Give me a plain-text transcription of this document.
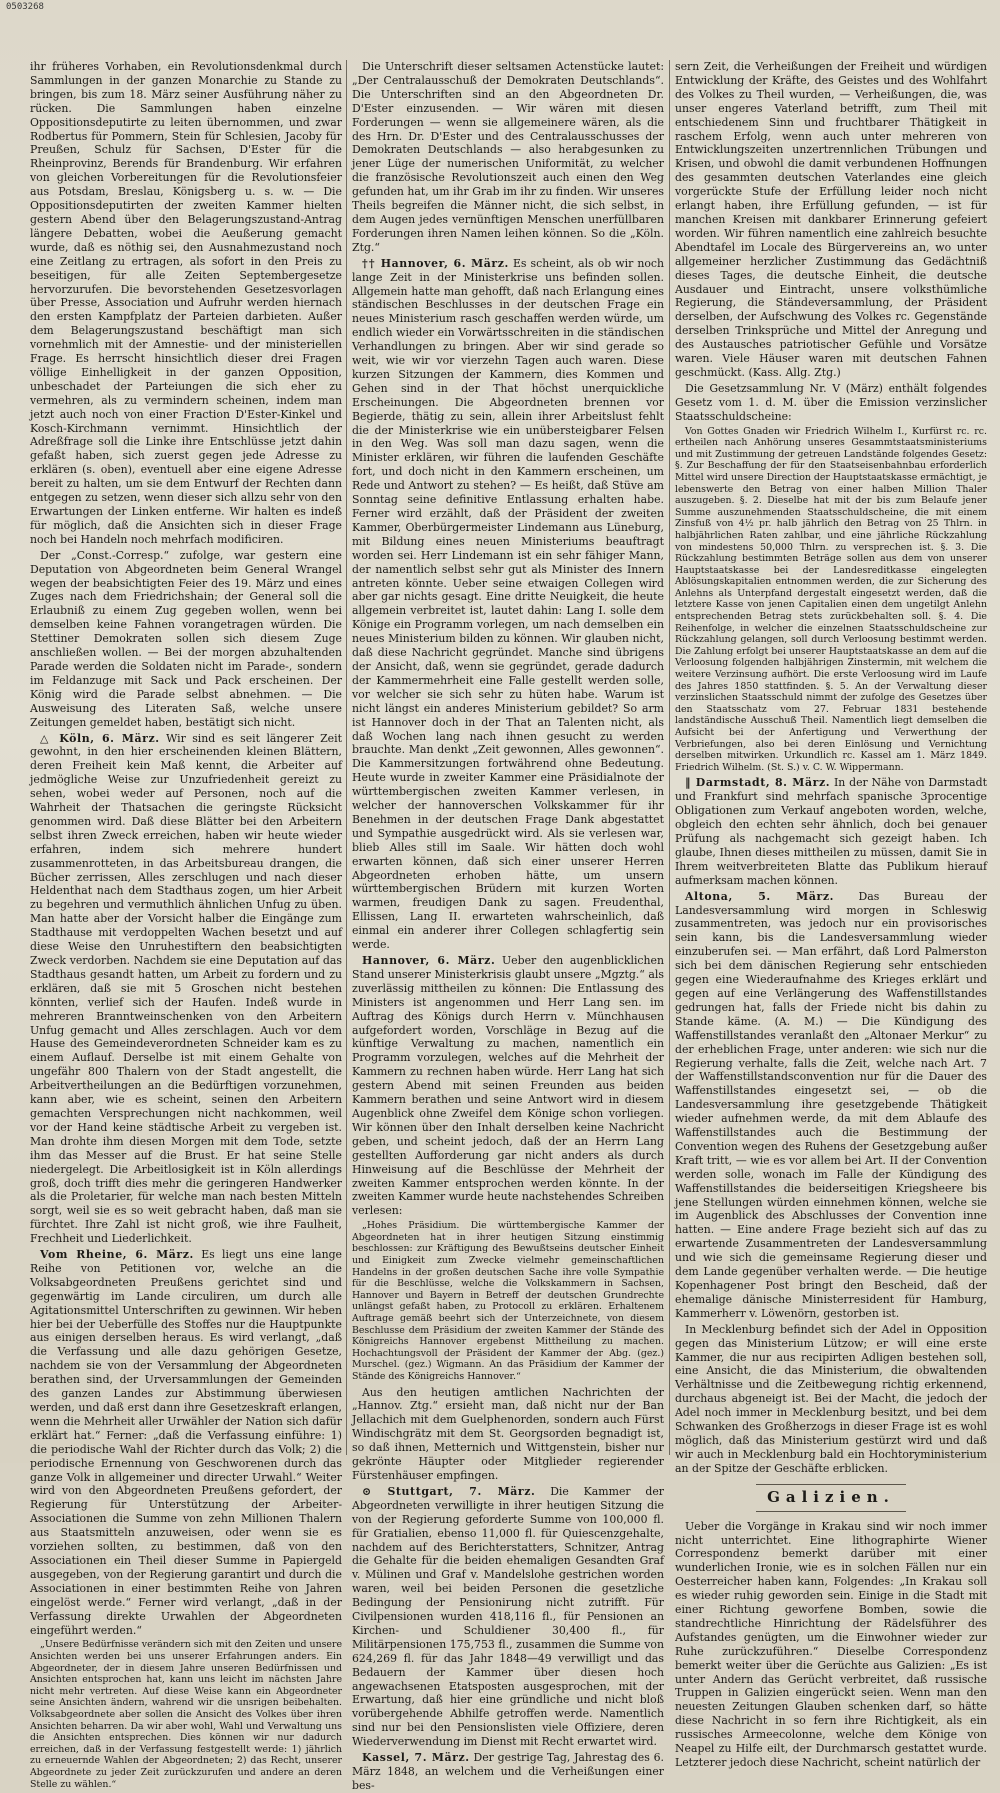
0503268

ihr früheres Vorhaben, ein Revolutionsdenkmal durch Sammlungen in der ganzen Monarchie zu Stande zu bringen, bis zum 18. März seiner Ausführung näher zu rücken. Die Sammlungen haben einzelne Oppositionsdeputirte zu leiten übernommen, und zwar Rodbertus für Pommern, Stein für Schlesien, Jacoby für Preußen, Schulz für Sachsen, D'Ester für die Rheinprovinz, Berends für Brandenburg. Wir erfahren von gleichen Vorbereitungen für die Revolutionsfeier aus Potsdam, Breslau, Königsberg u. s. w. — Die Oppositionsdeputirten der zweiten Kammer hielten gestern Abend über den Belagerungszustand-Antrag längere Debatten, wobei die Aeußerung gemacht wurde, daß es nöthig sei, den Ausnahmezustand noch eine Zeitlang zu ertragen, als sofort in den Preis zu beseitigen, für alle Zeiten Septembergesetze hervorzurufen. Die bevorstehenden Gesetzesvorlagen über Presse, Association und Aufruhr werden hiernach den ersten Kampfplatz der Parteien darbieten. Außer dem Belagerungszustand beschäftigt man sich vornehmlich mit der Amnestie- und der ministeriellen Frage. Es herrscht hinsichtlich dieser drei Fragen völlige Einhelligkeit in der ganzen Opposition, unbeschadet der Parteiungen die sich eher zu vermehren, als zu vermindern scheinen, indem man jetzt auch noch von einer Fraction D'Ester-Kinkel und Kosch-Kirchmann vernimmt. Hinsichtlich der Adreßfrage soll die Linke ihre Entschlüsse jetzt dahin gefaßt haben, sich zuerst gegen jede Adresse zu erklären (s. oben), eventuell aber eine eigene Adresse bereit zu halten, um sie dem Entwurf der Rechten dann entgegen zu setzen, wenn dieser sich allzu sehr von den Erwartungen der Linken entferne. Wir halten es indeß für möglich, daß die Ansichten sich in dieser Frage noch bei Handeln noch mehrfach modificiren.

Der „Const.-Corresp.“ zufolge, war gestern eine Deputation von Abgeordneten beim General Wrangel wegen der beabsichtigten Feier des 19. März und eines Zuges nach dem Friedrichshain; der General soll die Erlaubniß zu einem Zug gegeben wollen, wenn bei demselben keine Fahnen vorangetragen würden. Die Stettiner Demokraten sollen sich diesem Zuge anschließen wollen. — Bei der morgen abzuhaltenden Parade werden die Soldaten nicht im Parade-, sondern im Feldanzuge mit Sack und Pack erscheinen. Der König wird die Parade selbst abnehmen. — Die Ausweisung des Literaten Saß, welche unsere Zeitungen gemeldet haben, bestätigt sich nicht.

△ Köln, 6. März. Wir sind es seit längerer Zeit gewohnt, in den hier erscheinenden kleinen Blättern, deren Freiheit kein Maß kennt, die Arbeiter auf jedmögliche Weise zur Unzufriedenheit gereizt zu sehen, wobei weder auf Personen, noch auf die Wahrheit der Thatsachen die geringste Rücksicht genommen wird. Daß diese Blätter bei den Arbeitern selbst ihren Zweck erreichen, haben wir heute wieder erfahren, indem sich mehrere hundert zusammenrotteten, in das Arbeitsbureau drangen, die Bücher zerrissen, Alles zerschlugen und nach dieser Heldenthat nach dem Stadthaus zogen, um hier Arbeit zu begehren und vermuthlich ähnlichen Unfug zu üben. Man hatte aber der Vorsicht halber die Eingänge zum Stadthause mit verdoppelten Wachen besetzt und auf diese Weise den Unruhestiftern den beabsichtigten Zweck verdorben. Nachdem sie eine Deputation auf das Stadthaus gesandt hatten, um Arbeit zu fordern und zu erklären, daß sie mit 5 Groschen nicht bestehen könnten, verlief sich der Haufen. Indeß wurde in mehreren Branntweinschenken von den Arbeitern Unfug gemacht und Alles zerschlagen. Auch vor dem Hause des Gemeindeverordneten Schneider kam es zu einem Auflauf. Derselbe ist mit einem Gehalte von ungefähr 800 Thalern von der Stadt angestellt, die Arbeitvertheilungen an die Bedürftigen vorzunehmen, kann aber, wie es scheint, seinen den Arbeitern gemachten Versprechungen nicht nachkommen, weil vor der Hand keine städtische Arbeit zu vergeben ist. Man drohte ihm diesen Morgen mit dem Tode, setzte ihm das Messer auf die Brust. Er hat seine Stelle niedergelegt. Die Arbeitlosigkeit ist in Köln allerdings groß, doch trifft dies mehr die geringeren Handwerker als die Proletarier, für welche man nach besten Mitteln sorgt, weil sie es so weit gebracht haben, daß man sie fürchtet. Ihre Zahl ist nicht groß, wie ihre Faulheit, Frechheit und Liederlichkeit.

Vom Rheine, 6. März. Es liegt uns eine lange Reihe von Petitionen vor, welche an die Volksabgeordneten Preußens gerichtet sind und gegenwärtig im Lande circuliren, um durch alle Agitationsmittel Unterschriften zu gewinnen. Wir heben hier bei der Ueberfülle des Stoffes nur die Hauptpunkte aus einigen derselben heraus. Es wird verlangt, „daß die Verfassung und alle dazu gehörigen Gesetze, nachdem sie von der Versammlung der Abgeordneten berathen sind, der Urversammlungen der Gemeinden des ganzen Landes zur Abstimmung überwiesen werden, und daß erst dann ihre Gesetzeskraft erlangen, wenn die Mehrheit aller Urwähler der Nation sich dafür erklärt hat.“ Ferner: „daß die Verfassung einführe: 1) die periodische Wahl der Richter durch das Volk; 2) die periodische Ernennung von Geschworenen durch das ganze Volk in allgemeiner und directer Urwahl.“ Weiter wird von den Abgeordneten Preußens gefordert, der Regierung für Unterstützung der Arbeiter-Associationen die Summe von zehn Millionen Thalern aus Staatsmitteln anzuweisen, oder wenn sie es vorziehen sollten, zu bestimmen, daß von den Associationen ein Theil dieser Summe in Papiergeld ausgegeben, von der Regierung garantirt und durch die Associationen in einer bestimmten Reihe von Jahren eingelöst werde.“ Ferner wird verlangt, „daß in der Verfassung direkte Urwahlen der Abgeordneten eingeführt werden.“

„Unsere Bedürfnisse verändern sich mit den Zeiten und unsere Ansichten werden bei uns unserer Erfahrungen anders. Ein Abgeordneter, der in diesem Jahre unseren Bedürfnissen und Ansichten entsprochen hat, kann uns leicht im nächsten Jahre nicht mehr vertreten. Auf diese Weise kann ein Abgeordneter seine Ansichten ändern, wahrend wir die unsrigen beibehalten. Volksabgeordnete aber sollen die Ansicht des Volkes über ihren Ansichten beharren. Da wir aber wohl, Wahl und Verwaltung uns die Ansichten entsprechen. Dies können wir nur dadurch erreichen, daß in der Verfassung festgestellt werde: 1) jährlich zu erneuernde Wahlen der Abgeordneten; 2) das Recht, unserer Abgeordnete zu jeder Zeit zurückzurufen und andere an deren Stelle zu wählen.“

Die Unterschrift dieser seltsamen Actenstücke lautet: „Der Centralausschuß der Demokraten Deutschlands“. Die Unterschriften sind an den Abgeordneten Dr. D'Ester einzusenden. — Wir wären mit diesen Forderungen — wenn sie allgemeinere wären, als die des Hrn. Dr. D'Ester und des Centralausschusses der Demokraten Deutschlands — also herabgesunken zu jener Lüge der numerischen Uniformität, zu welcher die französische Revolutionszeit auch einen den Weg gefunden hat, um ihr Grab im ihr zu finden. Wir unseres Theils begreifen die Männer nicht, die sich selbst, in dem Augen jedes vernünftigen Menschen unerfüllbaren Forderungen ihren Namen leihen können. So die „Köln. Ztg.“

†† Hannover, 6. März. Es scheint, als ob wir noch lange Zeit in der Ministerkrise uns befinden sollen. Allgemein hatte man gehofft, daß nach Erlangung eines ständischen Beschlusses in der deutschen Frage ein neues Ministerium rasch geschaffen werden würde, um endlich wieder ein Vorwärtsschreiten in die ständischen Verhandlungen zu bringen. Aber wir sind gerade so weit, wie wir vor vierzehn Tagen auch waren. Diese kurzen Sitzungen der Kammern, dies Kommen und Gehen sind in der That höchst unerquickliche Erscheinungen. Die Abgeordneten brennen vor Begierde, thätig zu sein, allein ihrer Arbeitslust fehlt die der Ministerkrise wie ein unübersteigbarer Felsen in den Weg. Was soll man dazu sagen, wenn die Minister erklären, wir führen die laufenden Geschäfte fort, und doch nicht in den Kammern erscheinen, um Rede und Antwort zu stehen? — Es heißt, daß Stüve am Sonntag seine definitive Entlassung erhalten habe. Ferner wird erzählt, daß der Präsident der zweiten Kammer, Oberbürgermeister Lindemann aus Lüneburg, mit Bildung eines neuen Ministeriums beauftragt worden sei. Herr Lindemann ist ein sehr fähiger Mann, der namentlich selbst sehr gut als Minister des Innern antreten könnte. Ueber seine etwaigen Collegen wird aber gar nichts gesagt. Eine dritte Neuigkeit, die heute allgemein verbreitet ist, lautet dahin: Lang I. solle dem Könige ein Programm vorlegen, um nach demselben ein neues Ministerium bilden zu können. Wir glauben nicht, daß diese Nachricht gegründet. Manche sind übrigens der Ansicht, daß, wenn sie gegründet, gerade dadurch der Kammermehrheit eine Falle gestellt werden solle, vor welcher sie sich sehr zu hüten habe. Warum ist nicht längst ein anderes Ministerium gebildet? So arm ist Hannover doch in der That an Talenten nicht, als daß Wochen lang nach ihnen gesucht zu werden brauchte. Man denkt „Zeit gewonnen, Alles gewonnen“. Die Kammersitzungen fortwährend ohne Bedeutung. Heute wurde in zweiter Kammer eine Präsidialnote der württembergischen zweiten Kammer verlesen, in welcher der hannoverschen Volkskammer für ihr Benehmen in der deutschen Frage Dank abgestattet und Sympathie ausgedrückt wird. Als sie verlesen war, blieb Alles still im Saale. Wir hätten doch wohl erwarten können, daß sich einer unserer Herren Abgeordneten erhoben hätte, um unsern württembergischen Brüdern mit kurzen Worten warmen, freudigen Dank zu sagen. Freudenthal, Ellissen, Lang II. erwarteten wahrscheinlich, daß einmal ein anderer ihrer Collegen schlagfertig sein werde.

Hannover, 6. März. Ueber den augenblicklichen Stand unserer Ministerkrisis glaubt unsere „Mgztg.“ als zuverlässig mittheilen zu können: Die Entlassung des Ministers ist angenommen und Herr Lang sen. im Auftrag des Königs durch Herrn v. Münchhausen aufgefordert worden, Vorschläge in Bezug auf die künftige Verwaltung zu machen, namentlich ein Programm vorzulegen, welches auf die Mehrheit der Kammern zu rechnen haben würde. Herr Lang hat sich gestern Abend mit seinen Freunden aus beiden Kammern berathen und seine Antwort wird in diesem Augenblick ohne Zweifel dem Könige schon vorliegen. Wir können über den Inhalt derselben keine Nachricht geben, und scheint jedoch, daß der an Herrn Lang gestellten Aufforderung gar nicht anders als durch Hinweisung auf die Beschlüsse der Mehrheit der zweiten Kammer entsprochen werden könnte. In der zweiten Kammer wurde heute nachstehendes Schreiben verlesen:

„Hohes Präsidium. Die württembergische Kammer der Abgeordneten hat in ihrer heutigen Sitzung einstimmig beschlossen: zur Kräftigung des Bewußtseins deutscher Einheit und Einigkeit zum Zwecke vielmehr gemeinschaftlichen Handelns in der großen deutschen Sache ihre volle Sympathie für die Beschlüsse, welche die Volkskammern in Sachsen, Hannover und Bayern in Betreff der deutschen Grundrechte unlängst gefaßt haben, zu Protocoll zu erklären. Erhaltenem Auftrage gemäß beehrt sich der Unterzeichnete, von diesem Beschlusse dem Präsidium der zweiten Kammer der Stände des Königreichs Hannover ergebenst Mittheilung zu machen. Hochachtungsvoll der Präsident der Kammer der Abg. (gez.) Murschel. (gez.) Wigmann. An das Präsidium der Kammer der Stände des Königreichs Hannover.“

Aus den heutigen amtlichen Nachrichten der „Hannov. Ztg.“ ersieht man, daß nicht nur der Ban Jellachich mit dem Guelphenorden, sondern auch Fürst Windischgrätz mit dem St. Georgsorden begnadigt ist, so daß ihnen, Metternich und Wittgenstein, bisher nur gekrönte Häupter oder Mitglieder regierender Fürstenhäuser empfingen.

⊙ Stuttgart, 7. März. Die Kammer der Abgeordneten verwilligte in ihrer heutigen Sitzung die von der Regierung geforderte Summe von 100,000 fl. für Gratialien, ebenso 11,000 fl. für Quiescenzgehalte, nachdem auf des Berichterstatters, Schnitzer, Antrag die Gehalte für die beiden ehemaligen Gesandten Graf v. Mülinen und Graf v. Mandelslohe gestrichen worden waren, weil bei beiden Personen die gesetzliche Bedingung der Pensionirung nicht zutrifft. Für Civilpensionen wurden 418,116 fl., für Pensionen an Kirchen- und Schuldiener 30,400 fl., für Militärpensionen 175,753 fl., zusammen die Summe von 624,269 fl. für das Jahr 1848—49 verwilligt und das Bedauern der Kammer über diesen hoch angewachsenen Etatsposten ausgesprochen, mit der Erwartung, daß hier eine gründliche und nicht bloß vorübergehende Abhilfe getroffen werde. Namentlich sind nur bei den Pensionslisten viele Offiziere, deren Wiederverwendung im Dienst mit Recht erwartet wird.

Kassel, 7. März. Der gestrige Tag, Jahrestag des 6. März 1848, an welchem und die Verheißungen einer bes-

sern Zeit, die Verheißungen der Freiheit und würdigen Entwicklung der Kräfte, des Geistes und des Wohlfahrt des Volkes zu Theil wurden, — Verheißungen, die, was unser engeres Vaterland betrifft, zum Theil mit entschiedenem Sinn und fruchtbarer Thätigkeit in raschem Erfolg, wenn auch unter mehreren von Entwicklungszeiten unzertrennlichen Trübungen und Krisen, und obwohl die damit verbundenen Hoffnungen des gesammten deutschen Vaterlandes eine gleich vorgerückte Stufe der Erfüllung leider noch nicht erlangt haben, ihre Erfüllung gefunden, — ist für manchen Kreisen mit dankbarer Erinnerung gefeiert worden. Wir führen namentlich eine zahlreich besuchte Abendtafel im Locale des Bürgervereins an, wo unter allgemeiner herzlicher Zustimmung das Gedächtniß dieses Tages, die deutsche Einheit, die deutsche Ausdauer und Eintracht, unsere volksthümliche Regierung, die Ständeversammlung, der Präsident derselben, der Aufschwung des Volkes rc. Gegenstände derselben Trinksprüche und Mittel der Anregung und des Austausches patriotischer Gefühle und Vorsätze waren. Viele Häuser waren mit deutschen Fahnen geschmückt. (Kass. Allg. Ztg.)

Die Gesetzsammlung Nr. V (März) enthält folgendes Gesetz vom 1. d. M. über die Emission verzinslicher Staatsschuldscheine:

Von Gottes Gnaden wir Friedrich Wilhelm I., Kurfürst rc. rc. ertheilen nach Anhörung unseres Gesammtstaatsministeriums und mit Zustimmung der getreuen Landstände folgendes Gesetz: §. Zur Beschaffung der für den Staatseisenbahnbau erforderlich Mittel wird unsere Direction der Hauptstaatskasse ermächtigt, je lebenswerte den Betrag von einer halben Million Thaler auszugeben. §. 2. Dieselbe hat mit der bis zum Belaufe jener Summe auszunehmenden Staatsschuldscheine, die mit einem Zinsfuß von 4½ pr. halb jährlich den Betrag von 25 Thlrn. in halbjährlichen Raten zahlbar, und eine jährliche Rückzahlung von mindestens 50,000 Thlrn. zu versprechen ist. §. 3. Die Rückzahlung bestimmten Beträge sollen aus dem von unserer Hauptstaatskasse bei der Landesreditkasse eingelegten Ablösungskapitalien entnommen werden, die zur Sicherung des Anlehns als Unterpfand dergestalt eingesetzt werden, daß die letztere Kasse von jenen Capitalien einen dem ungetilgt Anlehn entsprechenden Betrag stets zurückbehalten soll. §. 4. Die Reihenfolge, in welcher die einzelnen Staatsschuldscheine zur Rückzahlung gelangen, soll durch Verloosung bestimmt werden. Die Zahlung erfolgt bei unserer Hauptstaatskasse an dem auf die Verloosung folgenden halbjährigen Zinstermin, mit welchem die weitere Verzinsung aufhört. Die erste Verloosung wird im Laufe des Jahres 1850 stattfinden. §. 5. An der Verwaltung dieser verzinslichen Staatsschuld nimmt der zufolge des Gesetzes über den Staatsschatz vom 27. Februar 1831 bestehende landständische Ausschuß Theil. Namentlich liegt demselben die Aufsicht bei der Anfertigung und Verwerthung der Verbriefungen, also bei deren Einlösung und Vernichtung derselben mitwirken. Urkundlich rc. Kassel am 1. März 1849. Friedrich Wilhelm. (St. S.) v. C. W. Wippermann.

‖ Darmstadt, 8. März. In der Nähe von Darmstadt und Frankfurt sind mehrfach spanische 3procentige Obligationen zum Verkauf angeboten worden, welche, obgleich den echten sehr ähnlich, doch bei genauer Prüfung als nachgemacht sich gezeigt haben. Ich glaube, Ihnen dieses mittheilen zu müssen, damit Sie in Ihrem weitverbreiteten Blatte das Publikum hierauf aufmerksam machen können.

Altona, 5. März. Das Bureau der Landesversammlung wird morgen in Schleswig zusammentreten, was jedoch nur ein provisorisches sein kann, bis die Landesversammlung wieder einzuberufen sei. — Man erfährt, daß Lord Palmerston sich bei dem dänischen Regierung sehr entschieden gegen eine Wiederaufnahme des Krieges erklärt und gegen auf eine Verlängerung des Waffenstillstandes gedrungen hat, falls der Friede nicht bis dahin zu Stande käme. (A. M.) — Die Kündigung des Waffenstillstandes veranlaßt den „Altonaer Merkur“ zu der erheblichen Frage, unter anderen: wie sich nur die Regierung verhalte, falls die Zeit, welche nach Art. 7 der Waffenstillstandsconvention nur für die Dauer des Waffenstillstandes eingesetzt sei, — ob die Landesversammlung ihre gesetzgebende Thätigkeit wieder aufnehmen werde, da mit dem Ablaufe des Waffenstillstandes auch die Bestimmung der Convention wegen des Ruhens der Gesetzgebung außer Kraft tritt, — wie es vor allem bei Art. II der Convention werden solle, wonach im Falle der Kündigung des Waffenstillstandes die beiderseitigen Kriegsheere bis jene Stellungen würden einnehmen können, welche sie im Augenblick des Abschlusses der Convention inne hatten. — Eine andere Frage bezieht sich auf das zu erwartende Zusammentreten der Landesversammlung und wie sich die gemeinsame Regierung dieser und dem Lande gegenüber verhalten werde. — Die heutige Kopenhagener Post bringt den Bescheid, daß der ehemalige dänische Ministerresident für Hamburg, Kammerherr v. Löwenörn, gestorben ist.

In Mecklenburg befindet sich der Adel in Opposition gegen das Ministerium Lützow; er will eine erste Kammer, die nur aus recipirten Adligen bestehen soll, eine Ansicht, die das Ministerium, die obwaltenden Verhältnisse und die Zeitbewegung richtig erkennend, durchaus abgeneigt ist. Bei der Macht, die jedoch der Adel noch immer in Mecklenburg besitzt, und bei dem Schwanken des Großherzogs in dieser Frage ist es wohl möglich, daß das Ministerium gestürzt wird und daß wir auch in Mecklenburg bald ein Hochtoryministerium an der Spitze der Geschäfte erblicken.

Galizien.

Ueber die Vorgänge in Krakau sind wir noch immer nicht unterrichtet. Eine lithographirte Wiener Correspondenz bemerkt darüber mit einer wunderlichen Ironie, wie es in solchen Fällen nur ein Oesterreicher haben kann, Folgendes: „In Krakau soll es wieder ruhig geworden sein. Einige in die Stadt mit einer Richtung geworfene Bomben, sowie die standrechtliche Hinrichtung der Rädelsführer des Aufstandes genügten, um die Einwohner wieder zur Ruhe zurückzuführen.“ Dieselbe Correspondenz bemerkt weiter über die Gerüchte aus Galizien: „Es ist unter Andern das Gerücht verbreitet, daß russische Truppen in Galizien eingerückt seien. Wenn man den neuesten Zeitungen Glauben schenken darf, so hätte diese Nachricht in so fern ihre Richtigkeit, als ein russisches Armeecolonne, welche dem Könige von Neapel zu Hilfe eilt, der Durchmarsch gestattet wurde. Letzterer jedoch diese Nachricht, scheint natürlich der
